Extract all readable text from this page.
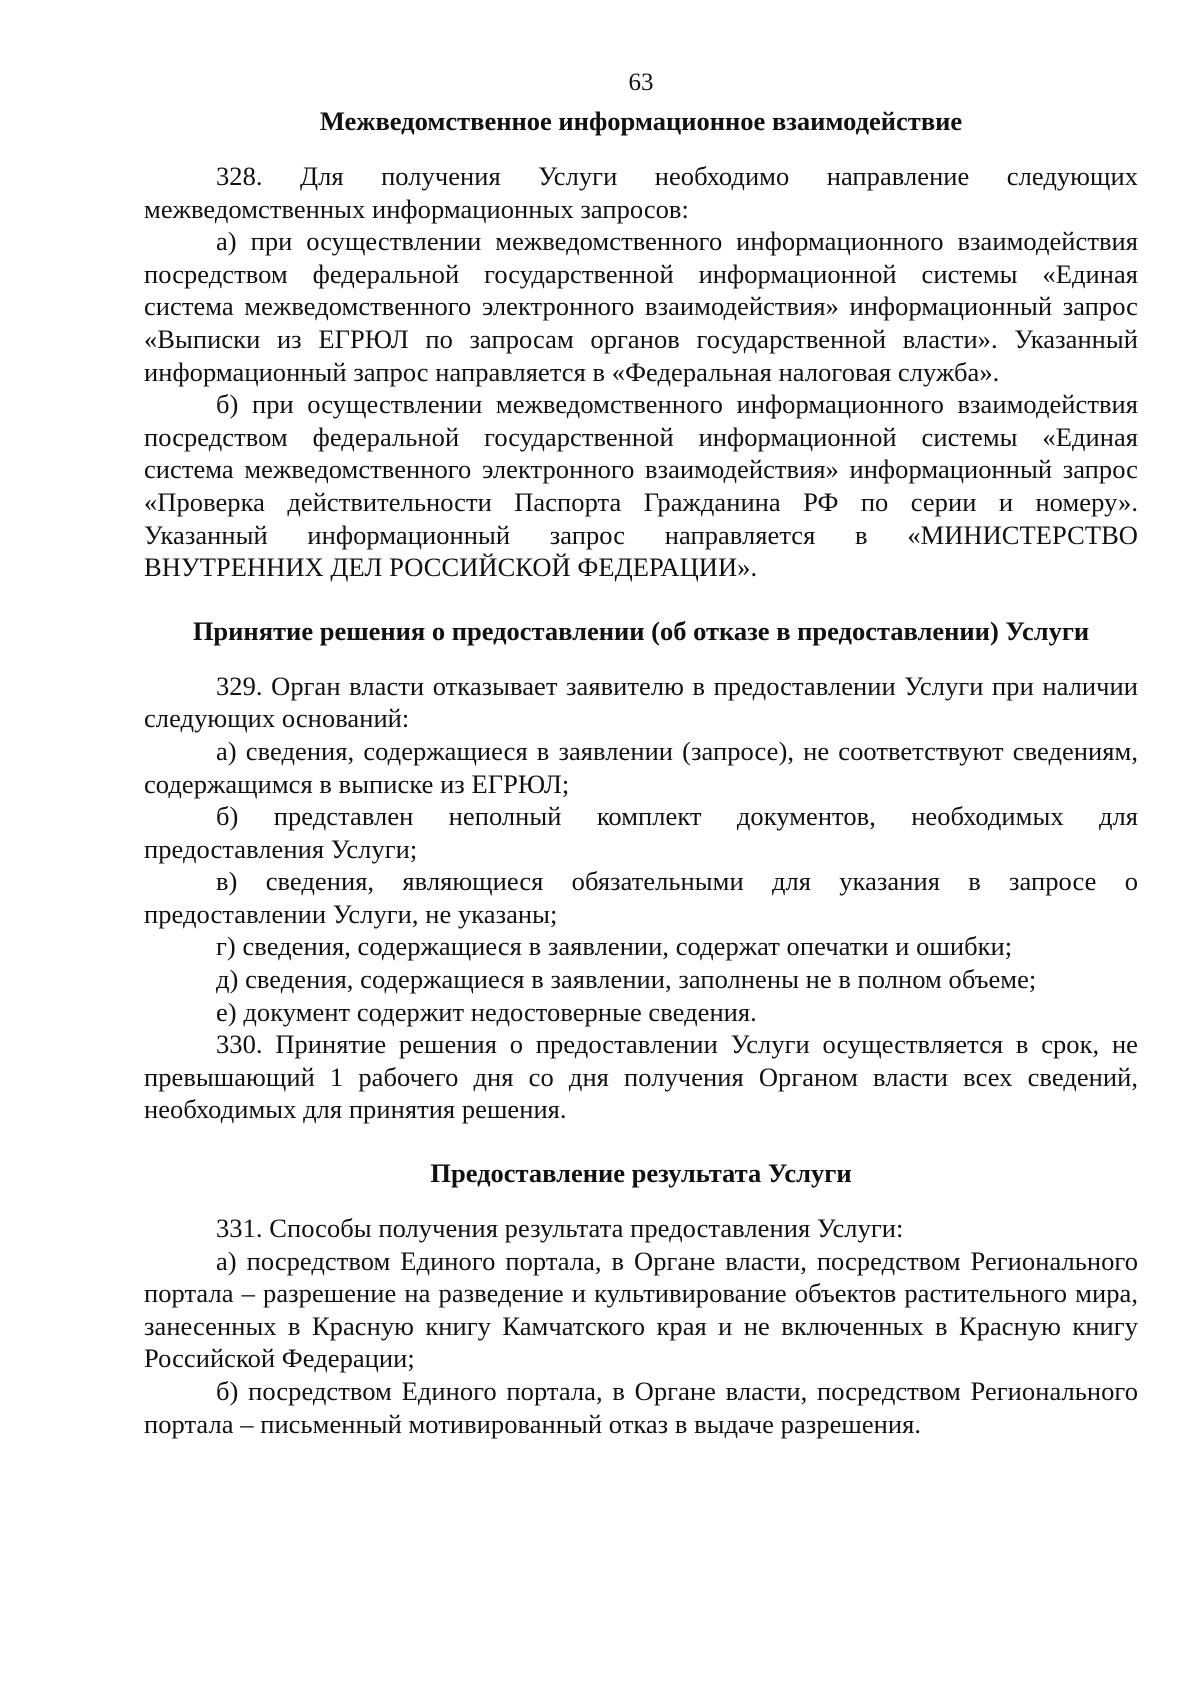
63

Межведомственное информационное взаимодействие

328. Для получения Услуги необходимо направление следующих межведомственных информационных запросов:

а) при осуществлении межведомственного информационного взаимодействия посредством федеральной государственной информационной системы «Единая система межведомственного электронного взаимодействия» информационный запрос «Выписки из ЕГРЮЛ по запросам органов государственной власти». Указанный информационный запрос направляется в «Федеральная налоговая служба».

б) при осуществлении межведомственного информационного взаимодействия посредством федеральной государственной информационной системы «Единая система межведомственного электронного взаимодействия» информационный запрос «Проверка действительности Паспорта Гражданина РФ по серии и номеру». Указанный информационный запрос направляется в «МИНИСТЕРСТВО ВНУТРЕННИХ ДЕЛ РОССИЙСКОЙ ФЕДЕРАЦИИ».

Принятие решения о предоставлении (об отказе в предоставлении) Услуги

329. Орган власти отказывает заявителю в предоставлении Услуги при наличии следующих оснований:

а) сведения, содержащиеся в заявлении (запросе), не соответствуют сведениям, содержащимся в выписке из ЕГРЮЛ;

б) представлен неполный комплект документов, необходимых для предоставления Услуги;

в) сведения, являющиеся обязательными для указания в запросе о предоставлении Услуги, не указаны;

г) сведения, содержащиеся в заявлении, содержат опечатки и ошибки;

д) сведения, содержащиеся в заявлении, заполнены не в полном объеме;

е) документ содержит недостоверные сведения.

330. Принятие решения о предоставлении Услуги осуществляется в срок, не превышающий 1 рабочего дня со дня получения Органом власти всех сведений, необходимых для принятия решения.

Предоставление результата Услуги

331. Способы получения результата предоставления Услуги:

а) посредством Единого портала, в Органе власти, посредством Регионального портала – разрешение на разведение и культивирование объектов растительного мира, занесенных в Красную книгу Камчатского края и не включенных в Красную книгу Российской Федерации;

б) посредством Единого портала, в Органе власти, посредством Регионального портала – письменный мотивированный отказ в выдаче разрешения.
